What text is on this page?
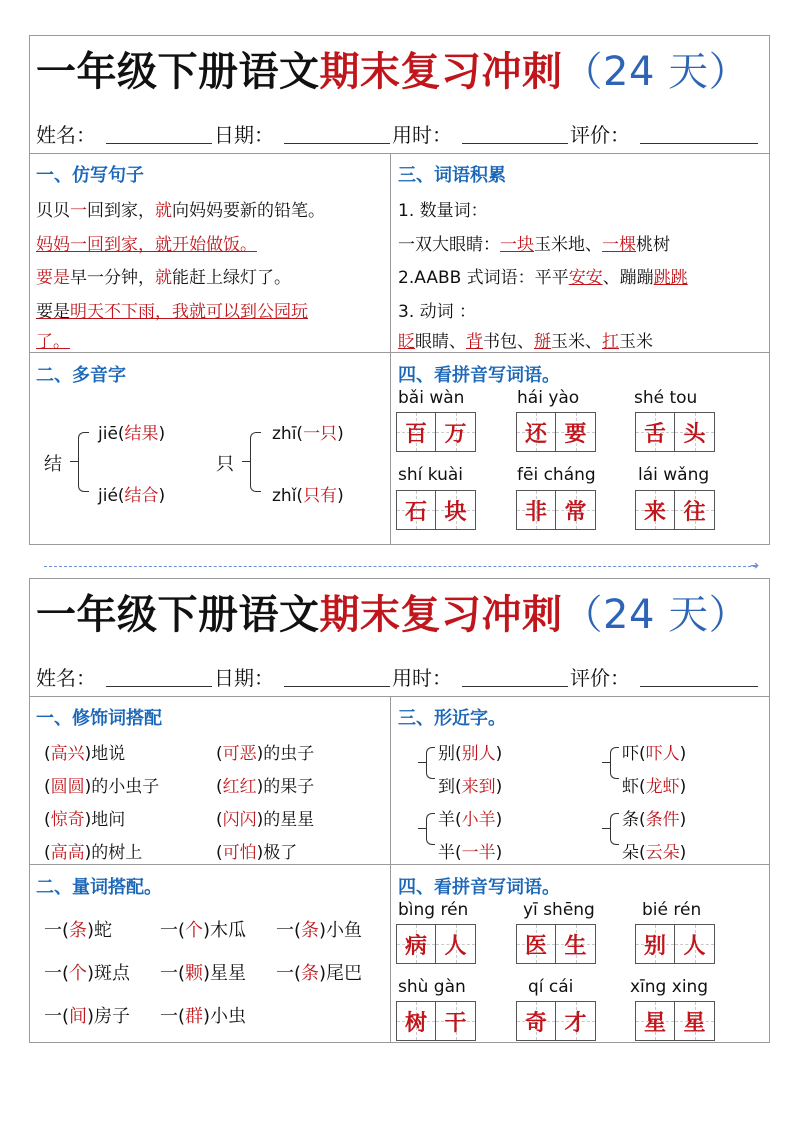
一年级下册语文期末复习冲刺（24 天）
姓名：	日期：	用时：	评价：
一、仿写句子
贝贝一回到家，就向妈妈要新的铅笔。
妈妈一回到家，就开始做饭。
要是早一分钟，就能赶上绿灯了。
要是明天不下雨，我就可以到公园玩
了。
三、词语积累
1. 数量词：
一双大眼睛：一块玉米地、一棵桃树
2.AABB 式词语：平平安安、蹦蹦跳跳
3. 动词 ：
眨眼睛、背书包、掰玉米、扛玉米
二、多音字
结
jiē(结果)
jié(结合)
只
zhī(一只)
zhǐ(只有)
四、看拼音写词语。
bǎi wàn
百 万
hái yào
还 要
shé tou
舌 头
shí kuài
石 块
fēi cháng
非 常
lái wǎng
来 往
➔
一年级下册语文期末复习冲刺（24 天）
姓名：	日期：	用时：	评价：
一、修饰词搭配
(高兴)地说	(可恶)的虫子
(圆圆)的小虫子	(红红)的果子
(惊奇)地问	(闪闪)的星星
(高高)的树上	(可怕)极了
三、形近字。
别(别人)
到(来到)
吓(吓人)
虾(龙虾)
羊(小羊)
半(一半)
条(条件)
朵(云朵)
二、量词搭配。
一(条)蛇	一(个)木瓜 一(条)小鱼
一(个)斑点 一(颗)星星 一(条)尾巴
一(间)房子 一(群)小虫
四、看拼音写词语。
bìng rén
病 人
yī shēng
医 生
bié rén
别 人
shù gàn
树 干
qí cái
奇 才
xīng xing
星 星
